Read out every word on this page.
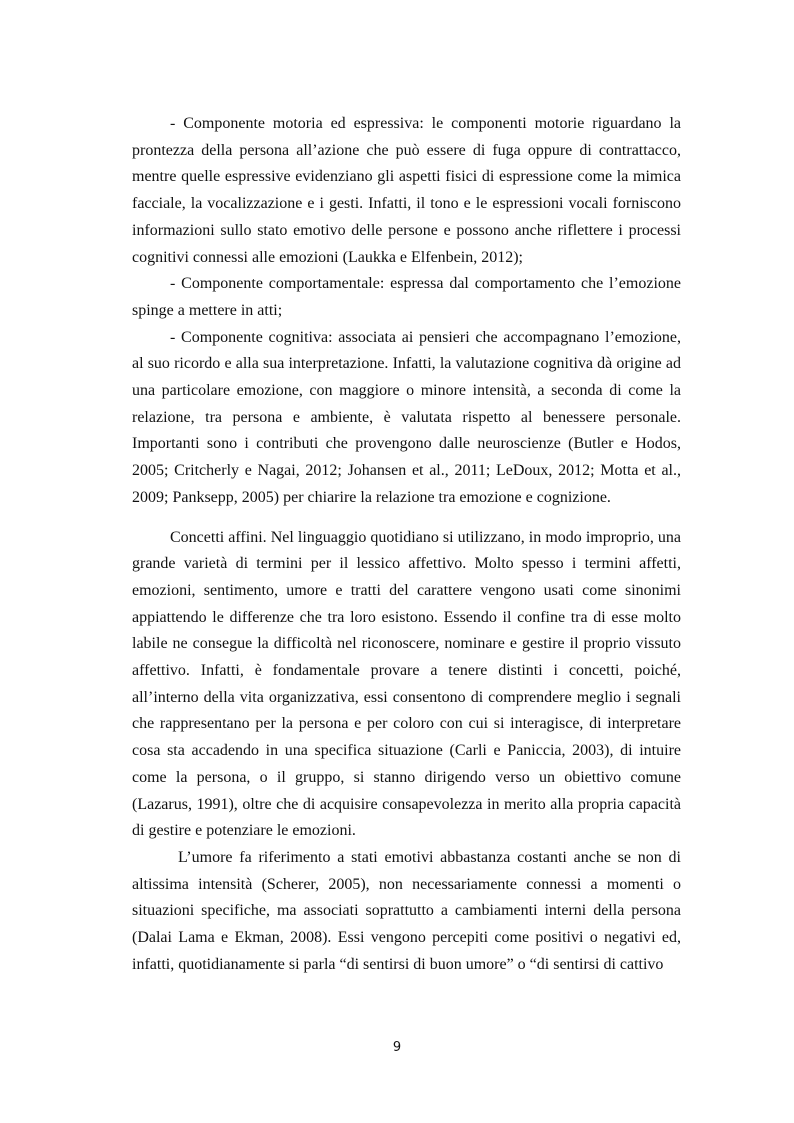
- Componente motoria ed espressiva: le componenti motorie riguardano la prontezza della persona all’azione che può essere di fuga oppure di contrattacco, mentre quelle espressive evidenziano gli aspetti fisici di espressione come la mimica facciale, la vocalizzazione e i gesti. Infatti, il tono e le espressioni vocali forniscono informazioni sullo stato emotivo delle persone e possono anche riflettere i processi cognitivi connessi alle emozioni (Laukka e Elfenbein, 2012);

- Componente comportamentale: espressa dal comportamento che l’emozione spinge a mettere in atti;

- Componente cognitiva: associata ai pensieri che accompagnano l’emozione, al suo ricordo e alla sua interpretazione. Infatti, la valutazione cognitiva dà origine ad una particolare emozione, con maggiore o minore intensità, a seconda di come la relazione, tra persona e ambiente, è valutata rispetto al benessere personale. Importanti sono i contributi che provengono dalle neuroscienze (Butler e Hodos, 2005; Critcherly e Nagai, 2012; Johansen et al., 2011; LeDoux, 2012; Motta et al., 2009; Panksepp, 2005) per chiarire la relazione tra emozione e cognizione.

Concetti affini. Nel linguaggio quotidiano si utilizzano, in modo improprio, una grande varietà di termini per il lessico affettivo. Molto spesso i termini affetti, emozioni, sentimento, umore e tratti del carattere vengono usati come sinonimi appiattendo le differenze che tra loro esistono. Essendo il confine tra di esse molto labile ne consegue la difficoltà nel riconoscere, nominare e gestire il proprio vissuto affettivo. Infatti, è fondamentale provare a tenere distinti i concetti, poiché, all’interno della vita organizzativa, essi consentono di comprendere meglio i segnali che rappresentano per la persona e per coloro con cui si interagisce, di interpretare cosa sta accadendo in una specifica situazione (Carli e Paniccia, 2003), di intuire come la persona, o il gruppo, si stanno dirigendo verso un obiettivo comune (Lazarus, 1991), oltre che di acquisire consapevolezza in merito alla propria capacità di gestire e potenziare le emozioni.

L’umore fa riferimento a stati emotivi abbastanza costanti anche se non di altissima intensità (Scherer, 2005), non necessariamente connessi a momenti o situazioni specifiche, ma associati soprattutto a cambiamenti interni della persona (Dalai Lama e Ekman, 2008). Essi vengono percepiti come positivi o negativi ed, infatti, quotidianamente si parla “di sentirsi di buon umore” o “di sentirsi di cattivo

9
